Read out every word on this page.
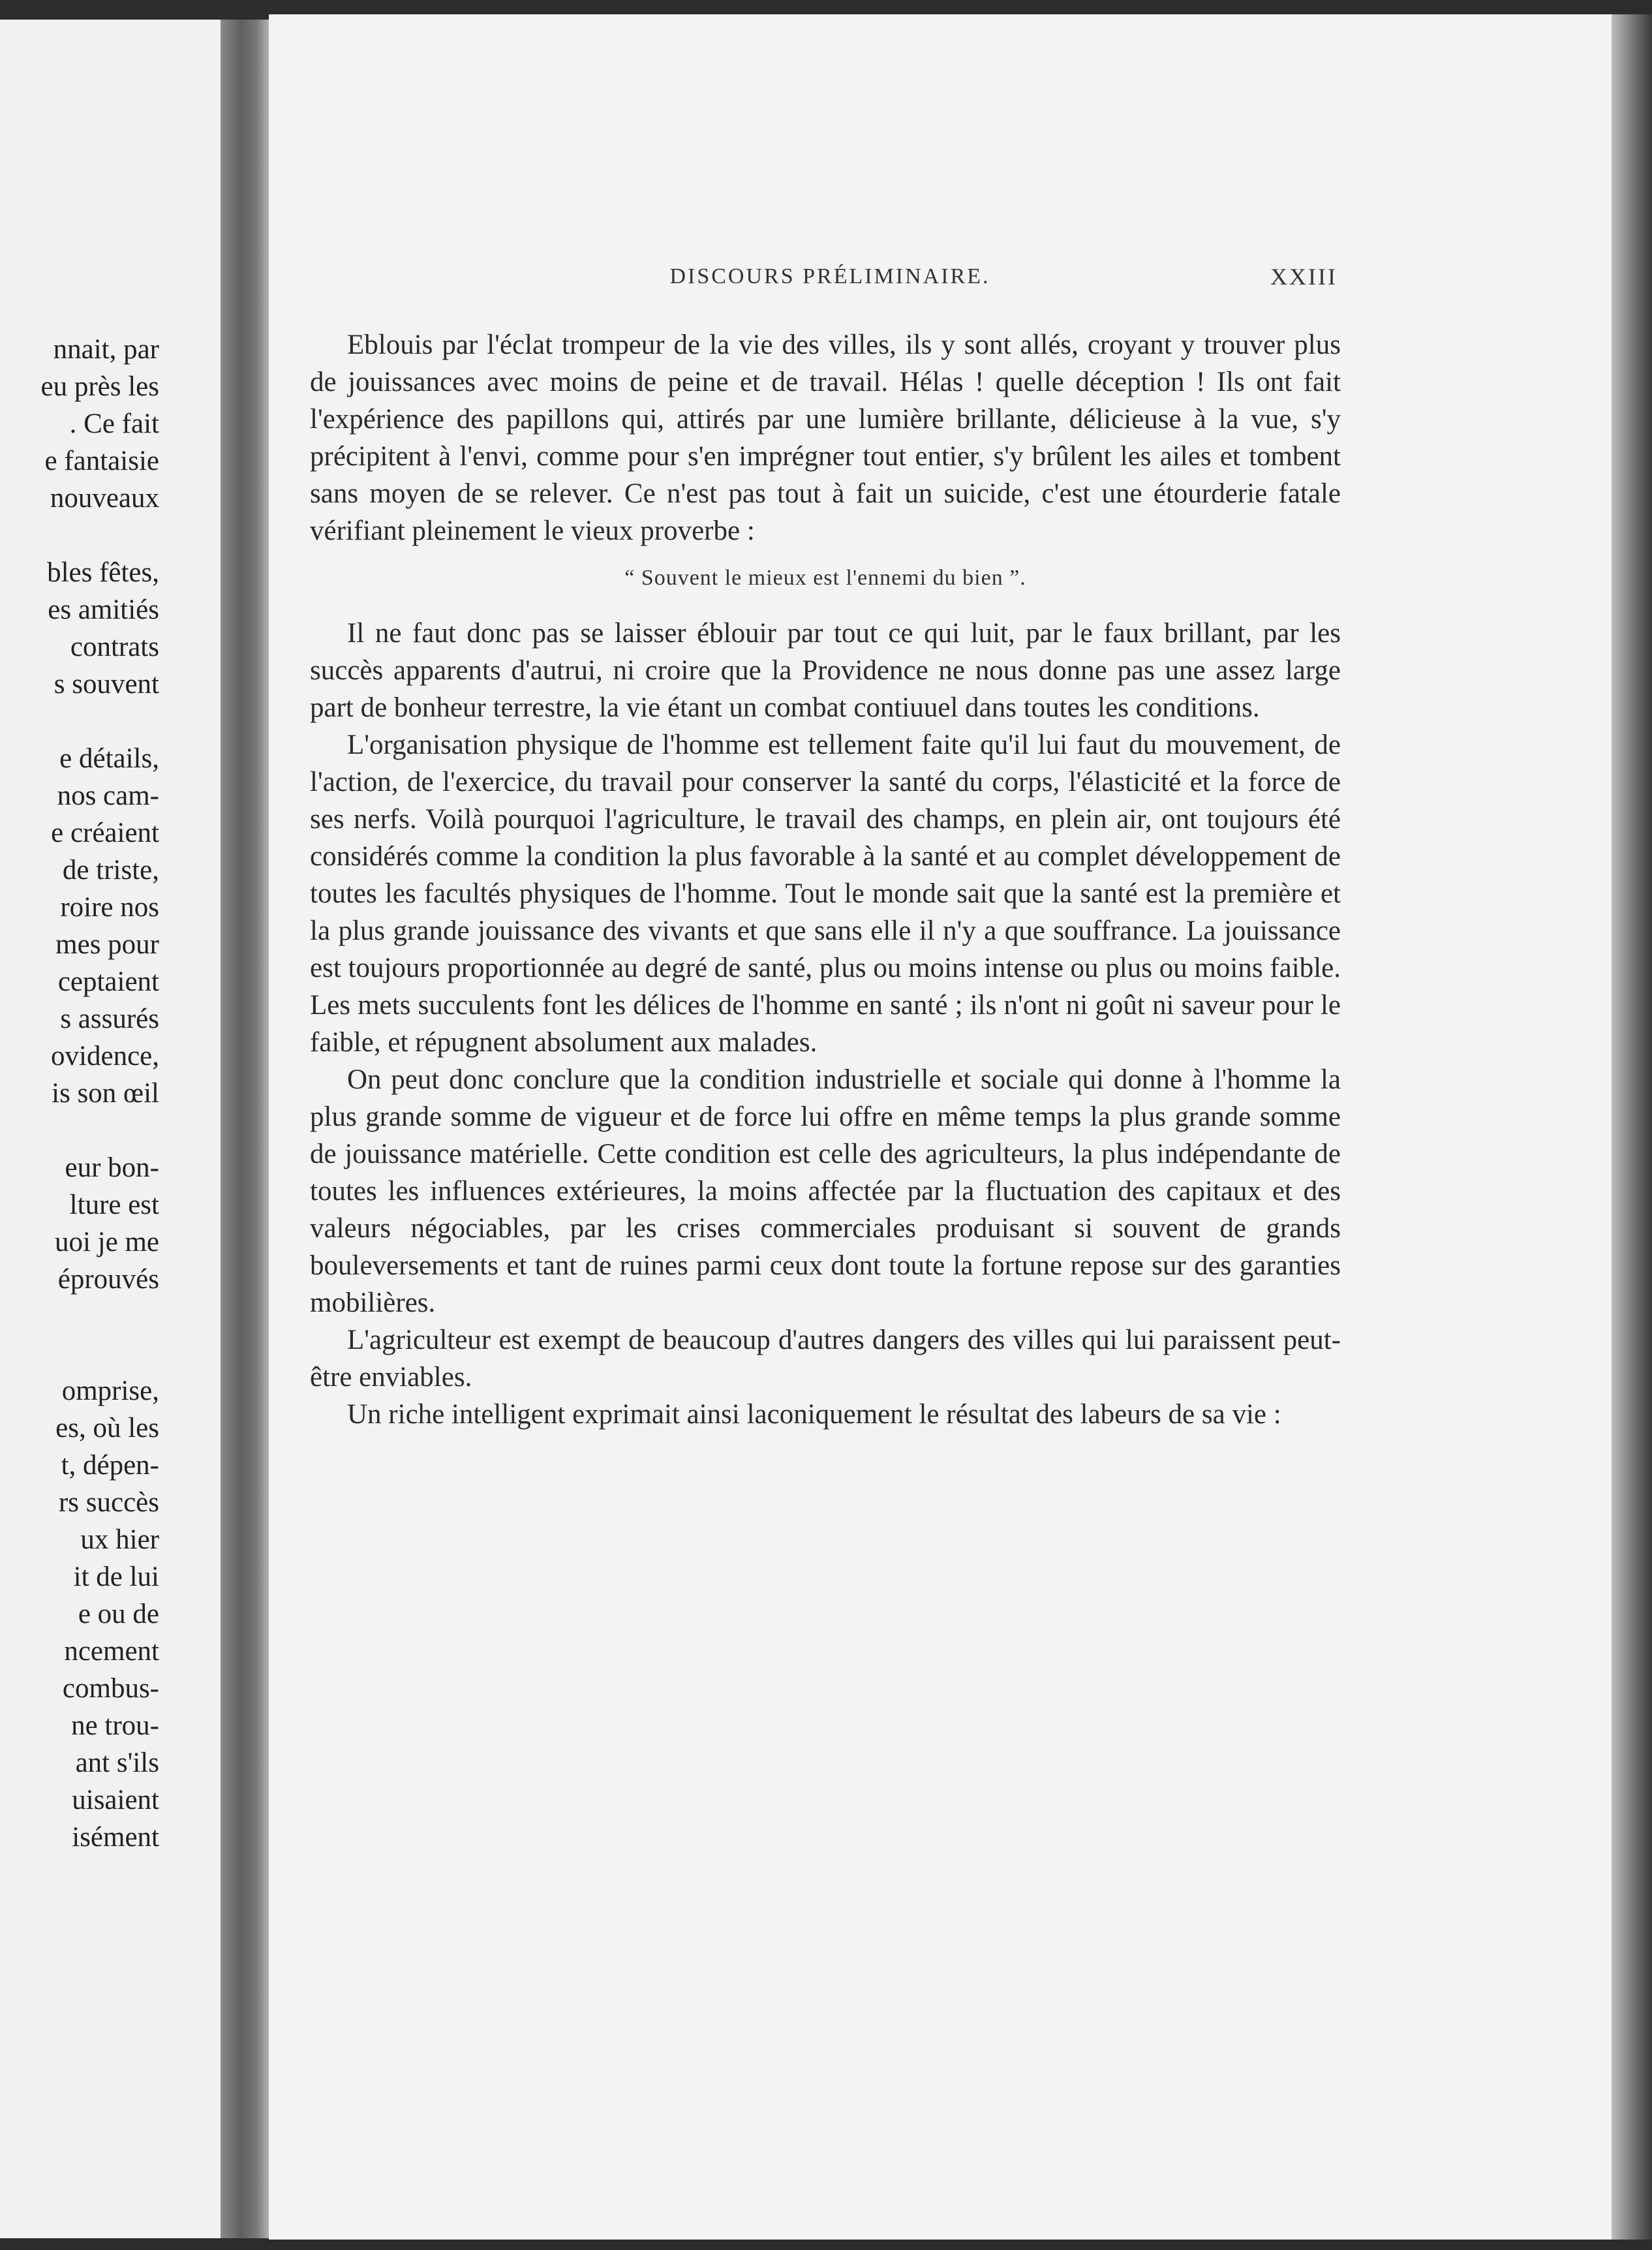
nnait, par
eu près les
. Ce fait
e fantaisie
nouveaux
bles fêtes,
es amitiés
contrats
s souvent
e détails,
nos cam-
e créaient
de triste,
roire nos
mes pour
ceptaient
s assurés
ovidence,
is son œil
eur bon-
lture est
uoi je me
éprouvés
omprise,
es, où les
t, dépen-
rs succès
ux hier
it de lui
e ou de
ncement
combus-
ne trou-
ant s'ils
uisaient
isément
DISCOURS PRÉLIMINAIRE.	XXIII

Eblouis par l'éclat trompeur de la vie des villes, ils y sont allés, croyant y trouver plus de jouissances avec moins de peine et de travail. Hélas ! quelle déception ! Ils ont fait l'expérience des papillons qui, attirés par une lumière brillante, délicieuse à la vue, s'y précipitent à l'envi, comme pour s'en imprégner tout entier, s'y brûlent les ailes et tombent sans moyen de se relever. Ce n'est pas tout à fait un suicide, c'est une étourderie fatale vérifiant pleinement le vieux proverbe :

“ Souvent le mieux est l'ennemi du bien ”.

Il ne faut donc pas se laisser éblouir par tout ce qui luit, par le faux brillant, par les succès apparents d'autrui, ni croire que la Providence ne nous donne pas une assez large part de bonheur terrestre, la vie étant un combat contiuuel dans toutes les conditions.

L'organisation physique de l'homme est tellement faite qu'il lui faut du mouvement, de l'action, de l'exercice, du travail pour conserver la santé du corps, l'élasticité et la force de ses nerfs. Voilà pourquoi l'agriculture, le travail des champs, en plein air, ont toujours été considérés comme la condition la plus favorable à la santé et au complet développement de toutes les facultés physiques de l'homme. Tout le monde sait que la santé est la première et la plus grande jouissance des vivants et que sans elle il n'y a que souffrance. La jouissance est toujours proportionnée au degré de santé, plus ou moins intense ou plus ou moins faible. Les mets succulents font les délices de l'homme en santé ; ils n'ont ni goût ni saveur pour le faible, et répugnent absolument aux malades.

On peut donc conclure que la condition industrielle et sociale qui donne à l'homme la plus grande somme de vigueur et de force lui offre en même temps la plus grande somme de jouissance matérielle. Cette condition est celle des agriculteurs, la plus indépendante de toutes les influences extérieures, la moins affectée par la fluctuation des capitaux et des valeurs négociables, par les crises commerciales produisant si souvent de grands bouleversements et tant de ruines parmi ceux dont toute la fortune repose sur des garanties mobilières.

L'agriculteur est exempt de beaucoup d'autres dangers des villes qui lui paraissent peut-être enviables.

Un riche intelligent exprimait ainsi laconiquement le résultat des labeurs de sa vie :
